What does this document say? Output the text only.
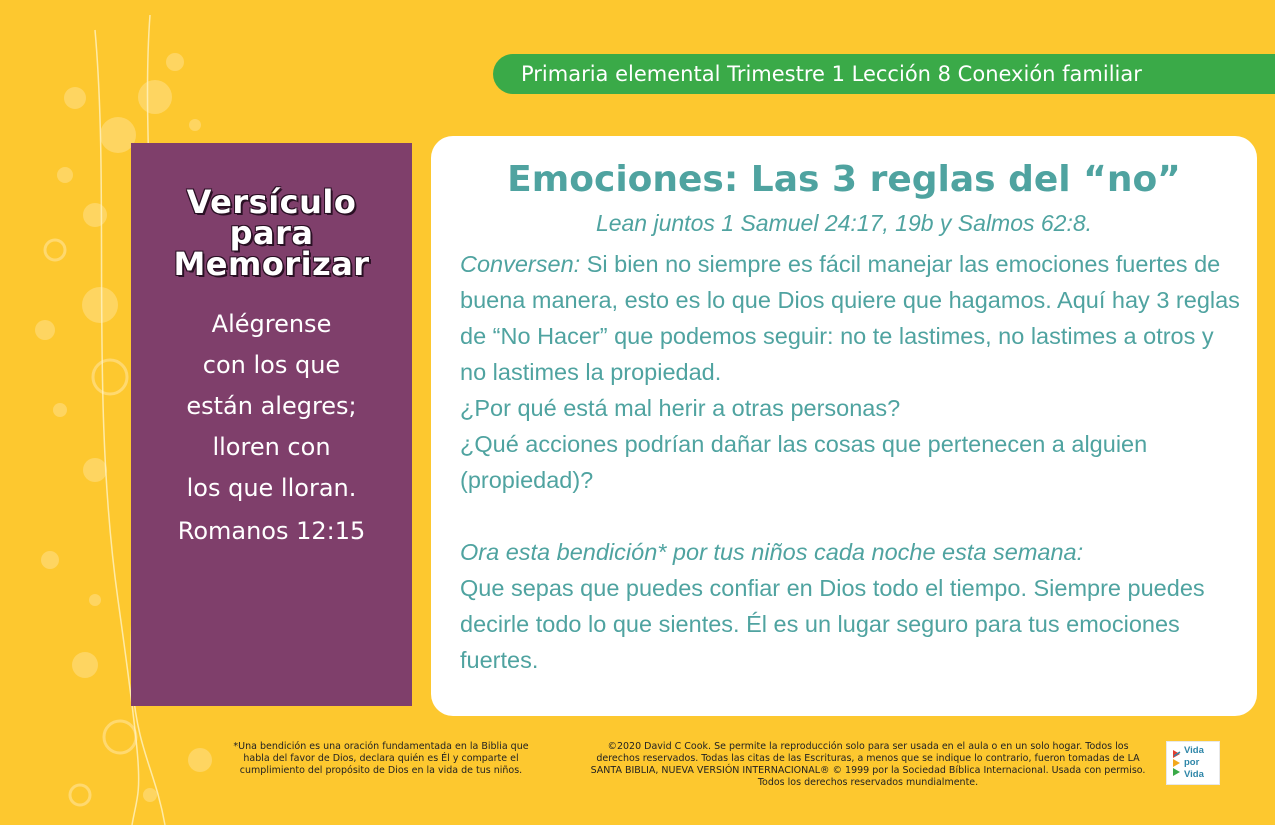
Primaria elemental Trimestre 1 Lección 8 Conexión familiar
Versículo
para
Memorizar
Alégrense
con los que
están alegres;
lloren con
los que lloran.
Romanos 12:15
Emociones: Las 3 reglas del “no”
Lean juntos 1 Samuel 24:17, 19b y Salmos 62:8.

Conversen: Si bien no siempre es fácil manejar las emociones fuertes de buena manera, esto es lo que Dios quiere que hagamos. Aquí hay 3 reglas de “No Hacer” que podemos seguir: no te lastimes, no lastimes a otros y no lastimes la propiedad.

¿Por qué está mal herir a otras personas?

¿Qué acciones podrían dañar las cosas que pertenecen a alguien (propiedad)?

Ora esta bendición* por tus niños cada noche esta semana:

Que sepas que puedes confiar en Dios todo el tiempo. Siempre puedes decirle todo lo que sientes. Él es un lugar seguro para tus emociones fuertes.

*Una bendición es una oración fundamentada en la Biblia que habla del favor de Dios, declara quién es Él y comparte el cumplimiento del propósito de Dios en la vida de tus niños.
©2020 David C Cook. Se permite la reproducción solo para ser usada en el aula o en un solo hogar. Todos los derechos reservados. Todas las citas de las Escrituras, a menos que se indique lo contrario, fueron tomadas de LA SANTA BIBLIA, NUEVA VERSIÓN INTERNACIONAL® © 1999 por la Sociedad Bíblica Internacional. Usada con permiso. Todos los derechos reservados mundialmente.
Vida
por
Vida
